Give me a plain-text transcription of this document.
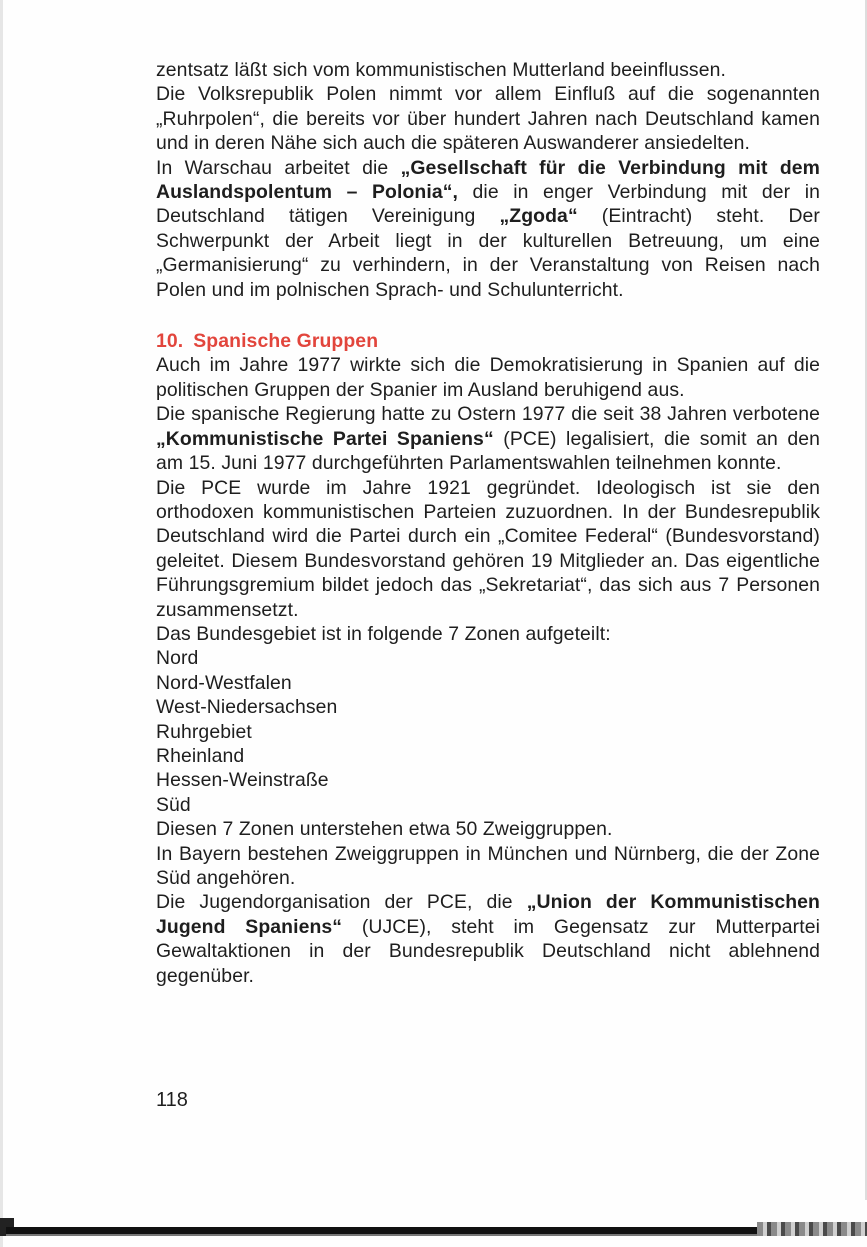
zentsatz läßt sich vom kommunistischen Mutterland beeinflussen.

Die Volksrepublik Polen nimmt vor allem Einfluß auf die sogenannten „Ruhrpolen“, die bereits vor über hundert Jahren nach Deutschland kamen und in deren Nähe sich auch die späteren Auswanderer ansiedelten.

In Warschau arbeitet die „Gesellschaft für die Verbindung mit dem Auslandspolentum – Polonia“, die in enger Verbindung mit der in Deutschland tätigen Vereinigung „Zgoda“ (Eintracht) steht. Der Schwerpunkt der Arbeit liegt in der kulturellen Betreuung, um eine „Germanisierung“ zu verhindern, in der Veranstaltung von Reisen nach Polen und im polnischen Sprach- und Schulunterricht.

10. Spanische Gruppen

Auch im Jahre 1977 wirkte sich die Demokratisierung in Spanien auf die politischen Gruppen der Spanier im Ausland beruhigend aus.

Die spanische Regierung hatte zu Ostern 1977 die seit 38 Jahren verbotene „Kommunistische Partei Spaniens“ (PCE) legalisiert, die somit an den am 15. Juni 1977 durchgeführten Parlamentswahlen teilnehmen konnte.

Die PCE wurde im Jahre 1921 gegründet. Ideologisch ist sie den orthodoxen kommunistischen Parteien zuzuordnen. In der Bundesrepublik Deutschland wird die Partei durch ein „Comitee Federal“ (Bundesvorstand) geleitet. Diesem Bundesvorstand gehören 19 Mitglieder an. Das eigentliche Führungsgremium bildet jedoch das „Sekretariat“, das sich aus 7 Personen zusammensetzt.

Das Bundesgebiet ist in folgende 7 Zonen aufgeteilt:

Nord

Nord-Westfalen

West-Niedersachsen

Ruhrgebiet

Rheinland

Hessen-Weinstraße

Süd

Diesen 7 Zonen unterstehen etwa 50 Zweiggruppen.

In Bayern bestehen Zweiggruppen in München und Nürnberg, die der Zone Süd angehören.

Die Jugendorganisation der PCE, die „Union der Kommunistischen Jugend Spaniens“ (UJCE), steht im Gegensatz zur Mutterpartei Gewaltaktionen in der Bundesrepublik Deutschland nicht ablehnend gegenüber.

118
